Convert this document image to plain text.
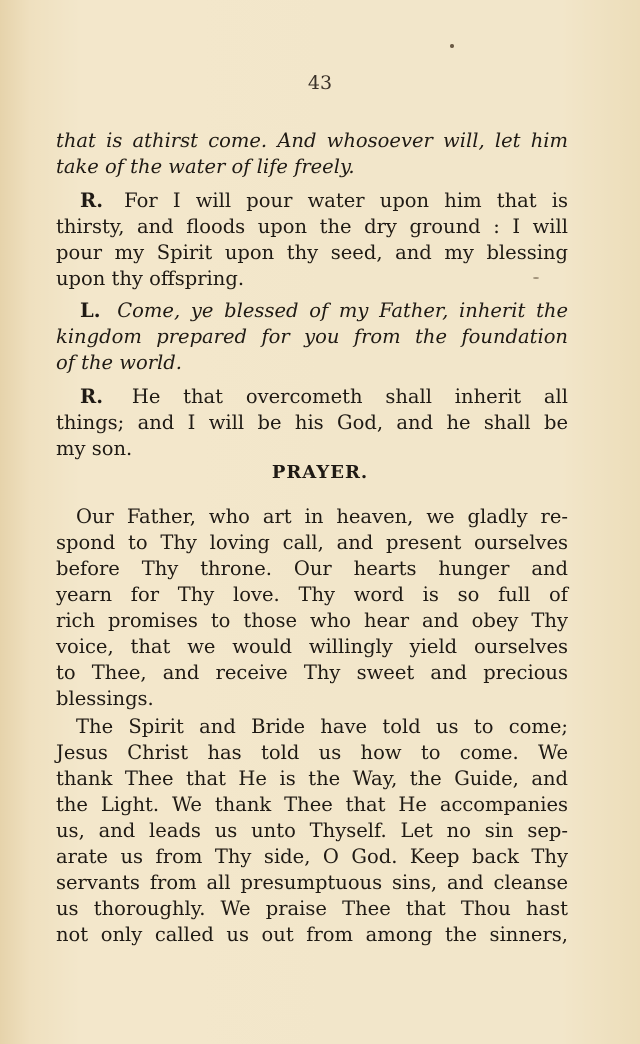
43
that is athirst come. And whosoever will, let him
take of the water of life freely.
R. For I will pour water upon him that is
thirsty, and floods upon the dry ground : I will
pour my Spirit upon thy seed, and my blessing
upon thy offspring.
L. Come, ye blessed of my Father, inherit the
kingdom prepared for you from the foundation
of the world.
R. He that overcometh shall inherit all
things; and I will be his God, and he shall be
my son.
PRAYER.
Our Father, who art in heaven, we gladly re-
spond to Thy loving call, and present ourselves
before Thy throne. Our hearts hunger and
yearn for Thy love. Thy word is so full of
rich promises to those who hear and obey Thy
voice, that we would willingly yield ourselves
to Thee, and receive Thy sweet and precious
blessings.
The Spirit and Bride have told us to come;
Jesus Christ has told us how to come. We
thank Thee that He is the Way, the Guide, and
the Light. We thank Thee that He accompanies
us, and leads us unto Thyself. Let no sin sep-
arate us from Thy side, O God. Keep back Thy
servants from all presumptuous sins, and cleanse
us thoroughly. We praise Thee that Thou hast
not only called us out from among the sinners,
